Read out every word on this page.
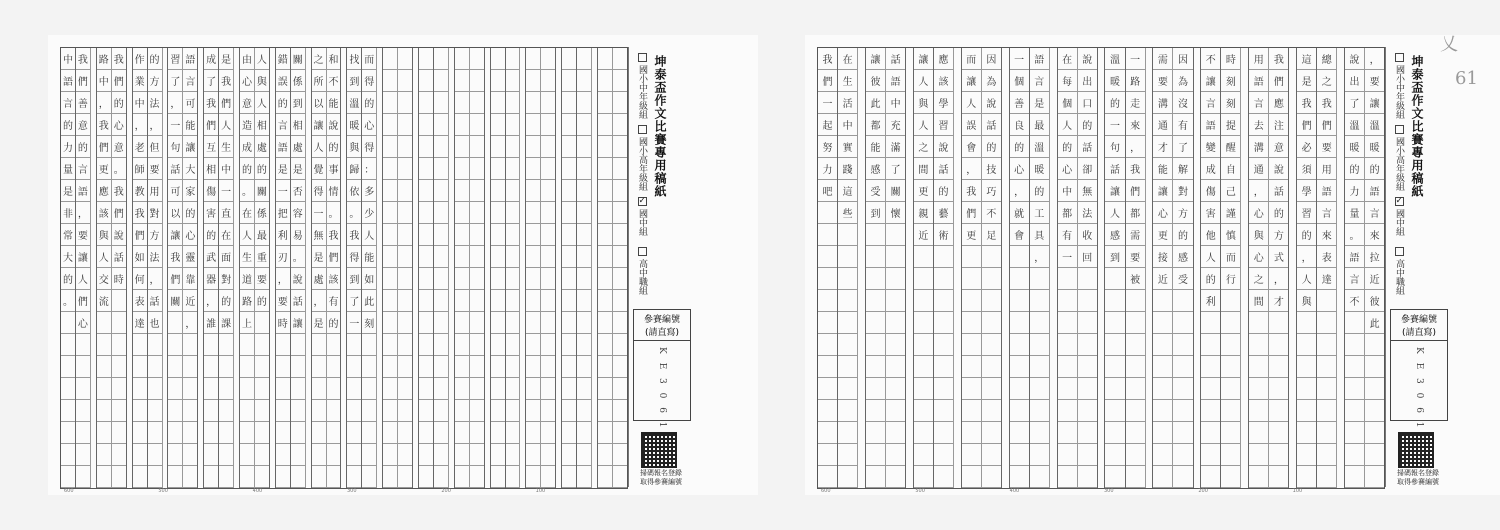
中
語
言
的
力
量
是
非
常
大
的
。
我
們
善
意
的
言
語
，
要
讓
人
們
心
路
中
，
我
們
更
應
該
與
人
交
流
我
們
的
心
意
。
我
們
說
話
時
作
業
中
，
老
師
教
我
們
如
何
表
達
的
方
法
，
但
要
用
對
方
法
，
話
也
習
了
，
一
句
話
可
以
讓
我
們
關
語
言
可
能
讓
大
家
的
心
靈
靠
近
，
成
了
我
們
互
相
傷
害
的
武
器
，
誰
是
我
們
人
生
中
一
直
在
面
對
的
課
由
心
意
造
成
的
。
在
人
生
道
路
上
人
與
人
相
處
的
關
係
最
重
要
的
錯
誤
的
言
語
是
一
把
利
刃
，
要
時
關
係
到
相
處
是
否
容
易
。
說
話
讓
之
所
以
讓
人
覺
得
一
無
是
處
，
是
和
不
能
說
的
事
情
。
我
們
該
有
的
找
到
溫
暖
與
歸
依
。
我
得
到
了
一
而
得
的
心
得
：
多
少
人
能
如
此
刻
600	500	400	300	200	100
坤泰盃作文比賽專用稿紙
國小中年級組
國小高年級組
✓國中組
高中職組
參賽編號
(請直寫)
K E 3 0 6 1
掃碼報名登錄
取得參賽編號
我
們
一
起
努
力
吧
在
生
活
中
實
踐
這
些
讓
彼
此
都
能
感
受
到
話
語
中
充
滿
了
關
懷
讓
人
與
人
之
間
更
親
近
應
該
學
習
說
話
的
藝
術
而
讓
人
誤
會
，
我
們
更
因
為
說
話
的
技
巧
不
足
一
個
善
良
的
心
，
就
會
語
言
是
最
溫
暖
的
工
具
，
在
每
個
人
的
心
中
都
有
一
說
出
口
的
話
卻
無
法
收
回
溫
暖
的
一
句
話
讓
人
感
到
一
路
走
來
，
我
們
都
需
要
被
需
要
溝
通
才
能
讓
心
更
接
近
因
為
沒
有
了
解
對
方
的
感
受
不
讓
言
語
變
成
傷
害
他
人
的
利
時
刻
刻
提
醒
自
己
謹
慎
而
行
用
語
言
去
溝
通
，
心
與
心
之
間
我
們
應
注
意
說
話
的
方
式
，
才
這
是
我
們
必
須
學
習
的
，
人
與
總
之
我
們
要
用
語
言
來
表
達
說
出
了
溫
暖
的
力
量
。
語
言
不
，
要
讓
溫
暖
的
語
言
來
拉
近
彼
此
600	500	400	300	200	100
坤泰盃作文比賽專用稿紙
國小中年級組
國小高年級組
✓國中組
高中職組
參賽編號
(請直寫)
K E 3 0 6 1
掃碼報名登錄
取得參賽編號
乂
61
